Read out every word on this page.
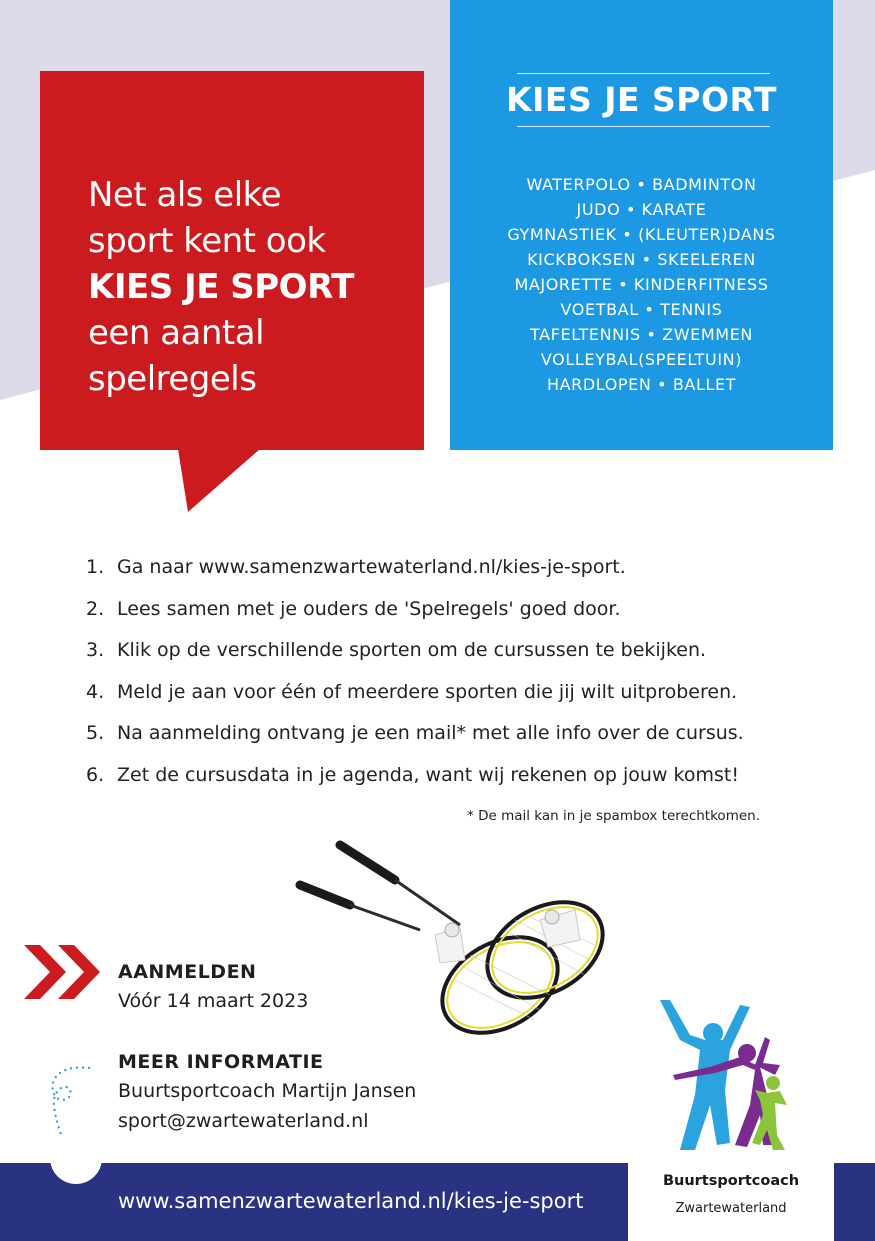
Net als elke
sport kent ook
KIES JE SPORT
een aantal
spelregels
KIES JE SPORT
WATERPOLO • BADMINTON
JUDO • KARATE
GYMNASTIEK • (KLEUTER)DANS
KICKBOKSEN • SKEELEREN
MAJORETTE • KINDERFITNESS
VOETBAL • TENNIS
TAFELTENNIS • ZWEMMEN
VOLLEYBAL(SPEELTUIN)
HARDLOPEN • BALLET
1. Ga naar www.samenzwartewaterland.nl/kies-je-sport.
2. Lees samen met je ouders de 'Spelregels' goed door.
3. Klik op de verschillende sporten om de cursussen te bekijken.
4. Meld je aan voor één of meerdere sporten die jij wilt uitproberen.
5. Na aanmelding ontvang je een mail* met alle info over de cursus.
6. Zet de cursusdata in je agenda, want wij rekenen op jouw komst!
* De mail kan in je spambox terechtkomen.
AANMELDEN
Vóór 14 maart 2023
MEER INFORMATIE
Buurtsportcoach Martijn Jansen
sport@zwartewaterland.nl
www.samenzwartewaterland.nl/kies-je-sport
Buurtsportcoach
Zwartewaterland
